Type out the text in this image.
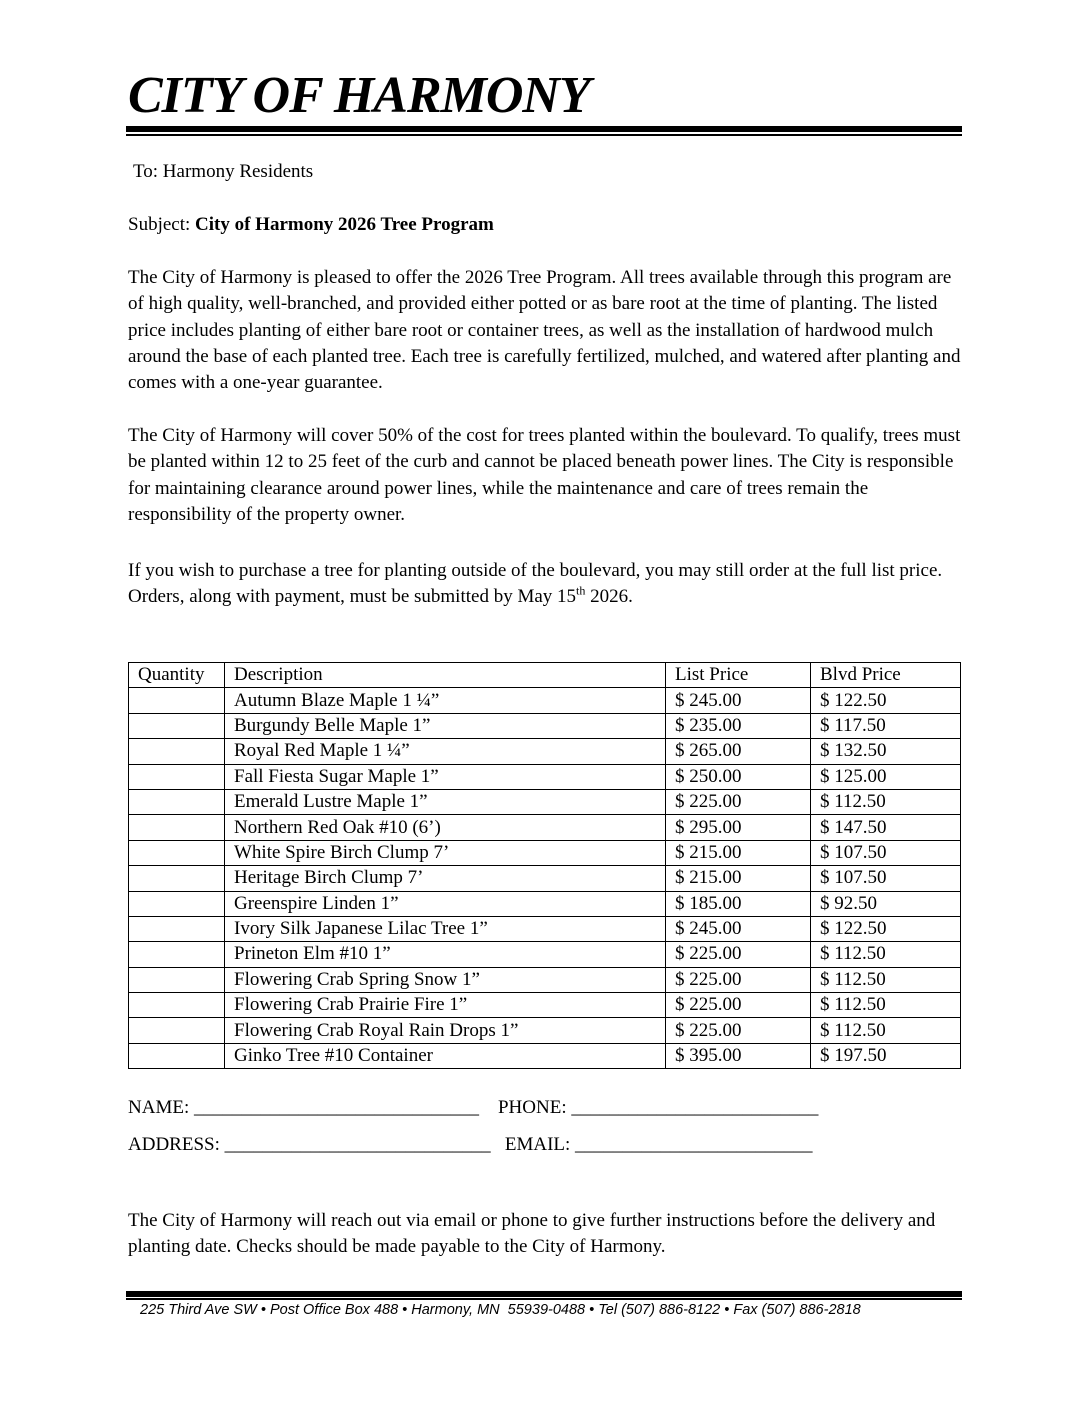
CITY OF HARMONY
To: Harmony Residents
Subject: City of Harmony 2026 Tree Program
The City of Harmony is pleased to offer the 2026 Tree Program. All trees available through this program are of high quality, well-branched, and provided either potted or as bare root at the time of planting. The listed price includes planting of either bare root or container trees, as well as the installation of hardwood mulch around the base of each planted tree. Each tree is carefully fertilized, mulched, and watered after planting and comes with a one-year guarantee.
The City of Harmony will cover 50% of the cost for trees planted within the boulevard. To qualify, trees must be planted within 12 to 25 feet of the curb and cannot be placed beneath power lines. The City is responsible for maintaining clearance around power lines, while the maintenance and care of trees remain the responsibility of the property owner.
If you wish to purchase a tree for planting outside of the boulevard, you may still order at the full list price. Orders, along with payment, must be submitted by May 15th 2026.
Quantity	Description	List Price	Blvd Price
	Autumn Blaze Maple 1 ¼”	$ 245.00	$ 122.50
	Burgundy Belle Maple 1”	$ 235.00	$ 117.50
	Royal Red Maple 1 ¼”	$ 265.00	$ 132.50
	Fall Fiesta Sugar Maple 1”	$ 250.00	$ 125.00
	Emerald Lustre Maple 1”	$ 225.00	$ 112.50
	Northern Red Oak #10 (6’)	$ 295.00	$ 147.50
	White Spire Birch Clump 7’	$ 215.00	$ 107.50
	Heritage Birch Clump 7’	$ 215.00	$ 107.50
	Greenspire Linden 1”	$ 185.00	$ 92.50
	Ivory Silk Japanese Lilac Tree 1”	$ 245.00	$ 122.50
	Prineton Elm #10 1”	$ 225.00	$ 112.50
	Flowering Crab Spring Snow 1”	$ 225.00	$ 112.50
	Flowering Crab Prairie Fire 1”	$ 225.00	$ 112.50
	Flowering Crab Royal Rain Drops 1”	$ 225.00	$ 112.50
	Ginko Tree #10 Container	$ 395.00	$ 197.50
NAME: ______________________________    PHONE: __________________________
ADDRESS: ____________________________   EMAIL: _________________________
The City of Harmony will reach out via email or phone to give further instructions before the delivery and planting date. Checks should be made payable to the City of Harmony.
225 Third Ave SW • Post Office Box 488 • Harmony, MN  55939-0488 • Tel (507) 886-8122 • Fax (507) 886-2818
